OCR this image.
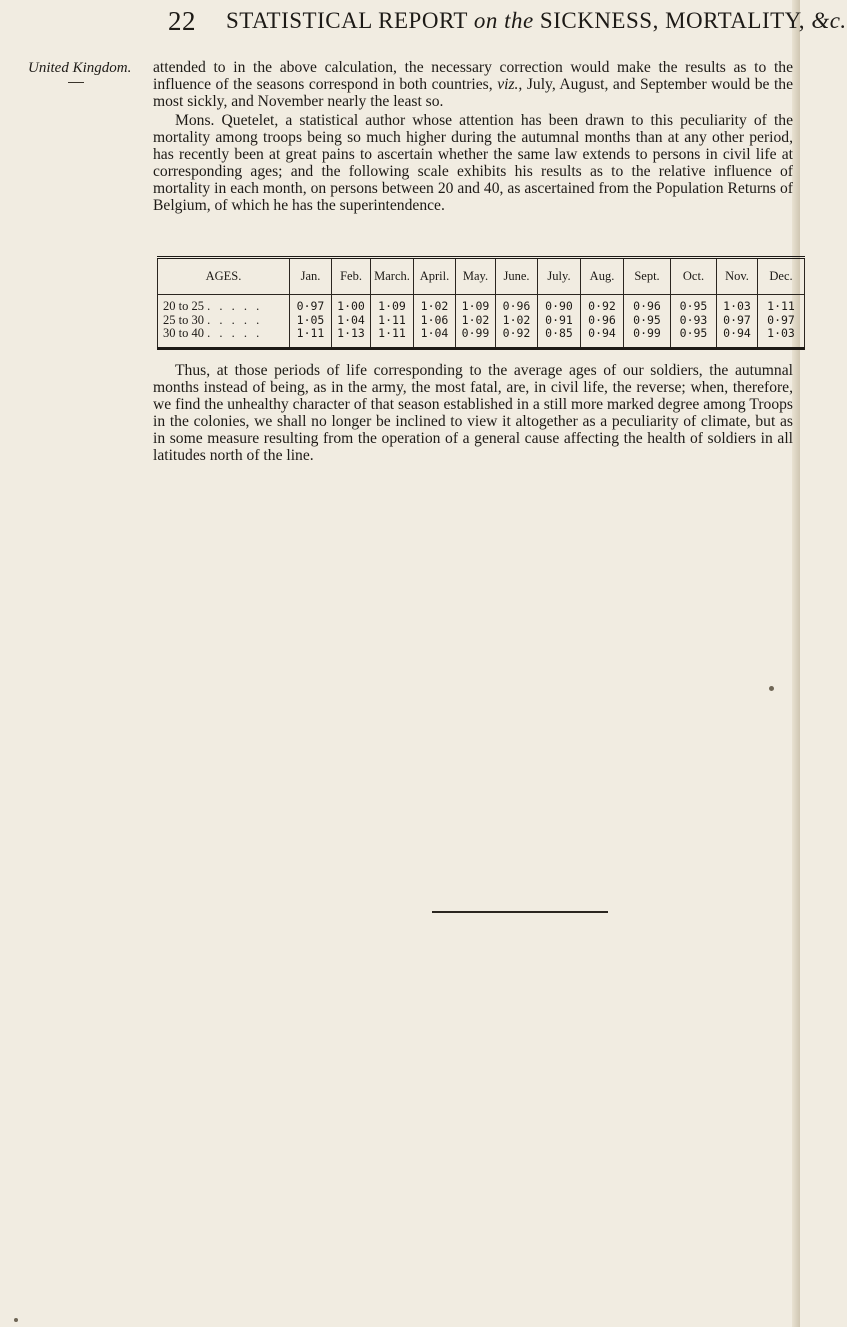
22 STATISTICAL REPORT on the SICKNESS, MORTALITY, &c.
United Kingdom. attended to in the above calculation, the necessary correction would make the results as to the influence of the seasons correspond in both countries, viz., July, August, and September would be the most sickly, and November nearly the least so.

Mons. Quetelet, a statistical author whose attention has been drawn to this peculiarity of the mortality among troops being so much higher during the autumnal months than at any other period, has recently been at great pains to ascertain whether the same law extends to persons in civil life at corresponding ages; and the following scale exhibits his results as to the relative influence of mortality in each month, on persons between 20 and 40, as ascertained from the Population Returns of Belgium, of which he has the superintendence.

AGES.	Jan.	Feb.	March.	April.	May.	June.	July.	Aug.	Sept.	Oct.	Nov.	Dec.
20 to 25 . . . . .	0·97	1·00	1·09	1·02	1·09	0·96	0·90	0·92	0·96	0·95	1·03	1·11
25 to 30 . . . . .	1·05	1·04	1·11	1·06	1·02	1·02	0·91	0·96	0·95	0·93	0·97	0·97
30 to 40 . . . . .	1·11	1·13	1·11	1·04	0·99	0·92	0·85	0·94	0·99	0·95	0·94	1·03

Thus, at those periods of life corresponding to the average ages of our soldiers, the autumnal months instead of being, as in the army, the most fatal, are, in civil life, the reverse; when, therefore, we find the unhealthy character of that season established in a still more marked degree among Troops in the colonies, we shall no longer be inclined to view it altogether as a peculiarity of climate, but as in some measure resulting from the operation of a general cause affecting the health of soldiers in all latitudes north of the line.
